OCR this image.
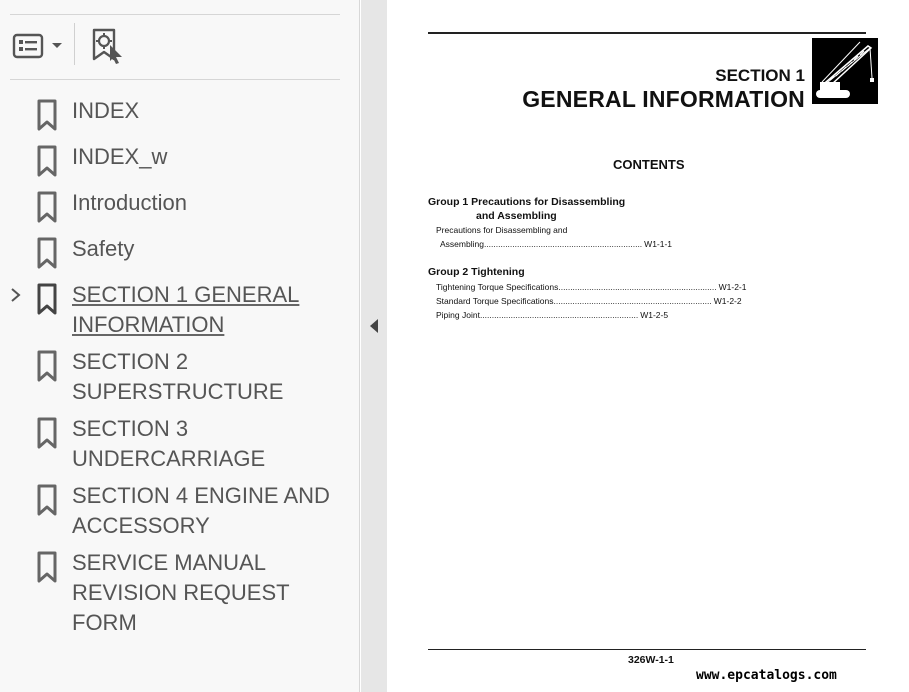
INDEX
INDEX_w
Introduction
Safety
SECTION 1 GENERAL INFORMATION
SECTION 2 SUPERSTRUCTURE
SECTION 3 UNDERCARRIAGE
SECTION 4 ENGINE AND ACCESSORY
SERVICE MANUAL REVISION REQUEST FORM
SECTION 1
GENERAL INFORMATION
CONTENTS
Group 1 Precautions for Disassembling
and Assembling
Precautions for Disassembling and
Assembling ................................................................... W1-1-1
Group 2 Tightening
Tightening Torque Specifications ................................................................... W1-2-1
Standard Torque Specifications ................................................................... W1-2-2
Piping Joint ................................................................... W1-2-5
326W-1-1
www.epcatalogs.com
